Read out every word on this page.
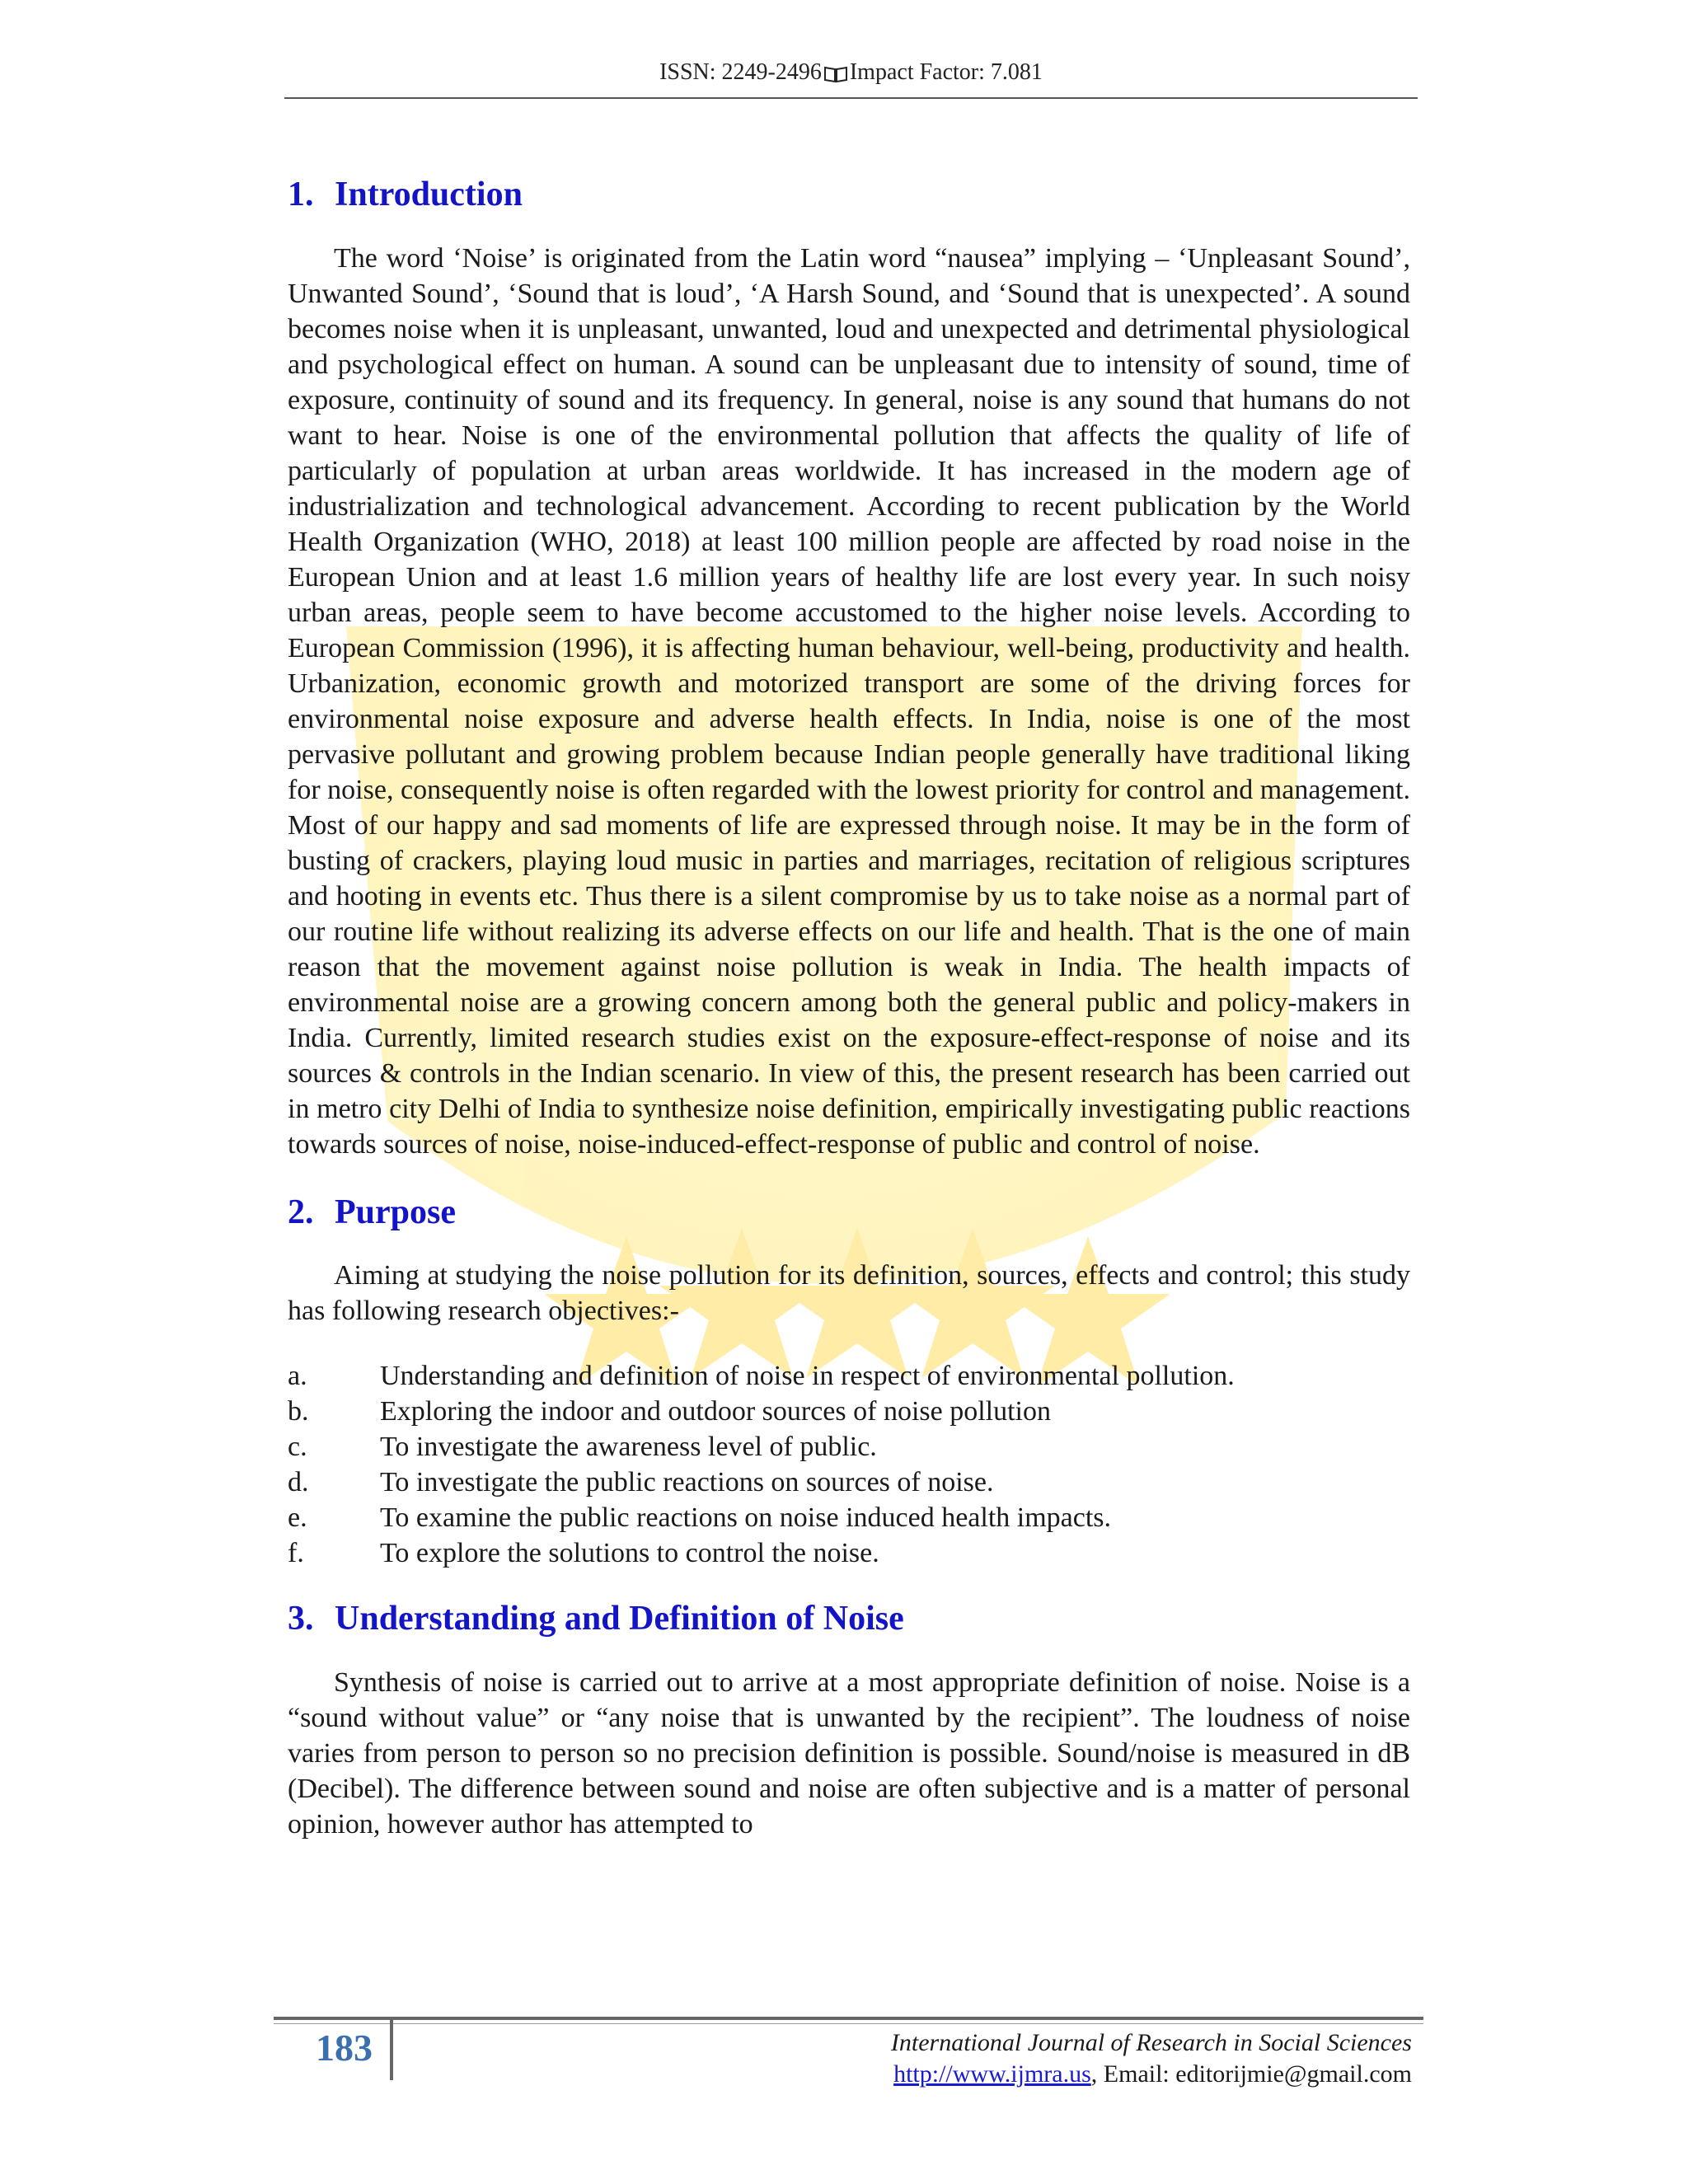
ISSN: 2249-2496 Impact Factor: 7.081
1. Introduction

The word ‘Noise’ is originated from the Latin word “nausea” implying – ‘Unpleasant Sound’, Unwanted Sound’, ‘Sound that is loud’, ‘A Harsh Sound, and ‘Sound that is unexpected’. A sound becomes noise when it is unpleasant, unwanted, loud and unexpected and detrimental physiological and psychological effect on human. A sound can be unpleasant due to intensity of sound, time of exposure, continuity of sound and its frequency. In general, noise is any sound that humans do not want to hear. Noise is one of the environmental pollution that affects the quality of life of particularly of population at urban areas worldwide. It has increased in the modern age of industrialization and technological advancement. According to recent publication by the World Health Organization (WHO, 2018) at least 100 million people are affected by road noise in the European Union and at least 1.6 million years of healthy life are lost every year. In such noisy urban areas, people seem to have become accustomed to the higher noise levels. According to European Commission (1996), it is affecting human behaviour, well-being, productivity and health. Urbanization, economic growth and motorized transport are some of the driving forces for environmental noise exposure and adverse health effects. In India, noise is one of the most pervasive pollutant and growing problem because Indian people generally have traditional liking for noise, consequently noise is often regarded with the lowest priority for control and management. Most of our happy and sad moments of life are expressed through noise. It may be in the form of busting of crackers, playing loud music in parties and marriages, recitation of religious scriptures and hooting in events etc. Thus there is a silent compromise by us to take noise as a normal part of our routine life without realizing its adverse effects on our life and health. That is the one of main reason that the movement against noise pollution is weak in India. The health impacts of environmental noise are a growing concern among both the general public and policy-makers in India. Currently, limited research studies exist on the exposure-effect-response of noise and its sources & controls in the Indian scenario. In view of this, the present research has been carried out in metro city Delhi of India to synthesize noise definition, empirically investigating public reactions towards sources of noise, noise-induced-effect-response of public and control of noise.

2. Purpose

Aiming at studying the noise pollution for its definition, sources, effects and control; this study has following research objectives:-

a.	Understanding and definition of noise in respect of environmental pollution.
b.	Exploring the indoor and outdoor sources of noise pollution
c.	To investigate the awareness level of public.
d.	To investigate the public reactions on sources of noise.
e.	To examine the public reactions on noise induced health impacts.
f.	To explore the solutions to control the noise.
3. Understanding and Definition of Noise

Synthesis of noise is carried out to arrive at a most appropriate definition of noise. Noise is a “sound without value” or “any noise that is unwanted by the recipient”. The loudness of noise varies from person to person so no precision definition is possible. Sound/noise is measured in dB (Decibel). The difference between sound and noise are often subjective and is a matter of personal opinion, however author has attempted to

183	International Journal of Research in Social Sciences
http://www.ijmra.us, Email: editorijmie@gmail.com
